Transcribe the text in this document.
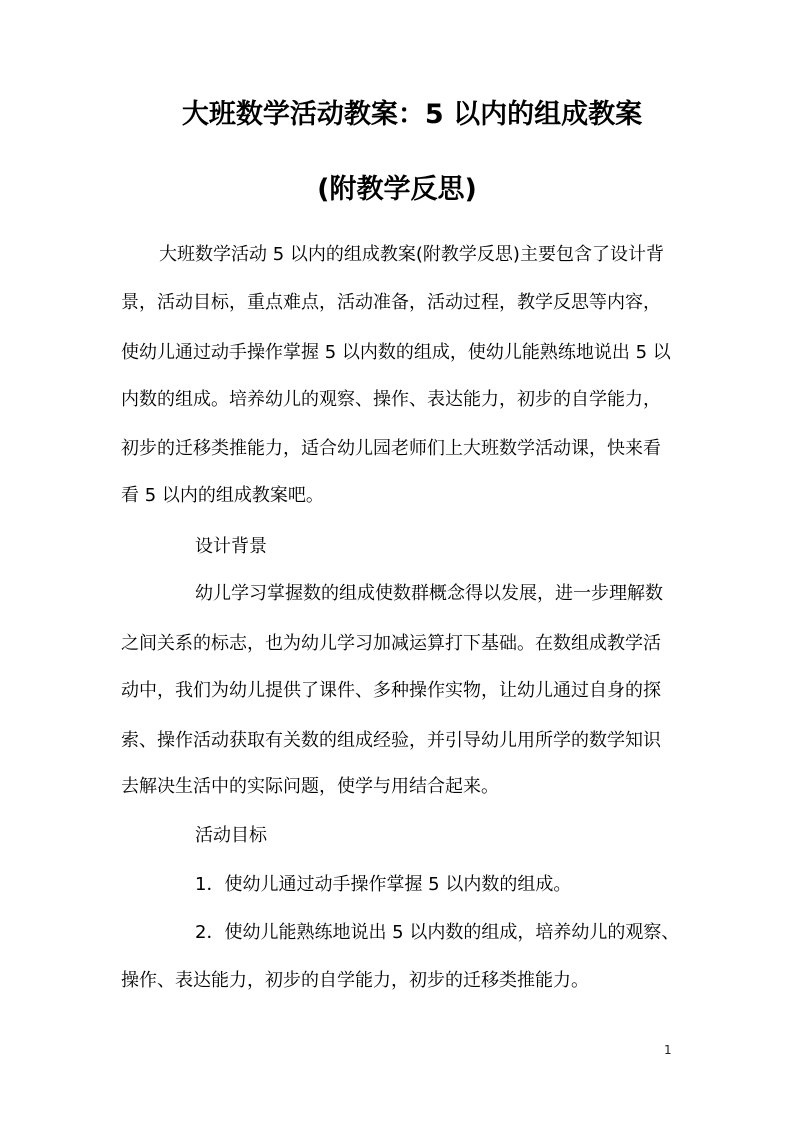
大班数学活动教案：5 以内的组成教案
(附教学反思)
大班数学活动 5 以内的组成教案(附教学反思)主要包含了设计背
景，活动目标，重点难点，活动准备，活动过程，教学反思等内容，
使幼儿通过动手操作掌握 5 以内数的组成，使幼儿能熟练地说出 5 以
内数的组成。培养幼儿的观察、操作、表达能力，初步的自学能力，
初步的迁移类推能力，适合幼儿园老师们上大班数学活动课，快来看
看 5 以内的组成教案吧。
设计背景
幼儿学习掌握数的组成使数群概念得以发展，进一步理解数
之间关系的标志，也为幼儿学习加减运算打下基础。在数组成教学活
动中，我们为幼儿提供了课件、多种操作实物，让幼儿通过自身的探
索、操作活动获取有关数的组成经验，并引导幼儿用所学的数学知识
去解决生活中的实际问题，使学与用结合起来。
活动目标
1．使幼儿通过动手操作掌握 5 以内数的组成。
2．使幼儿能熟练地说出 5 以内数的组成，培养幼儿的观察、
操作、表达能力，初步的自学能力，初步的迁移类推能力。
1
